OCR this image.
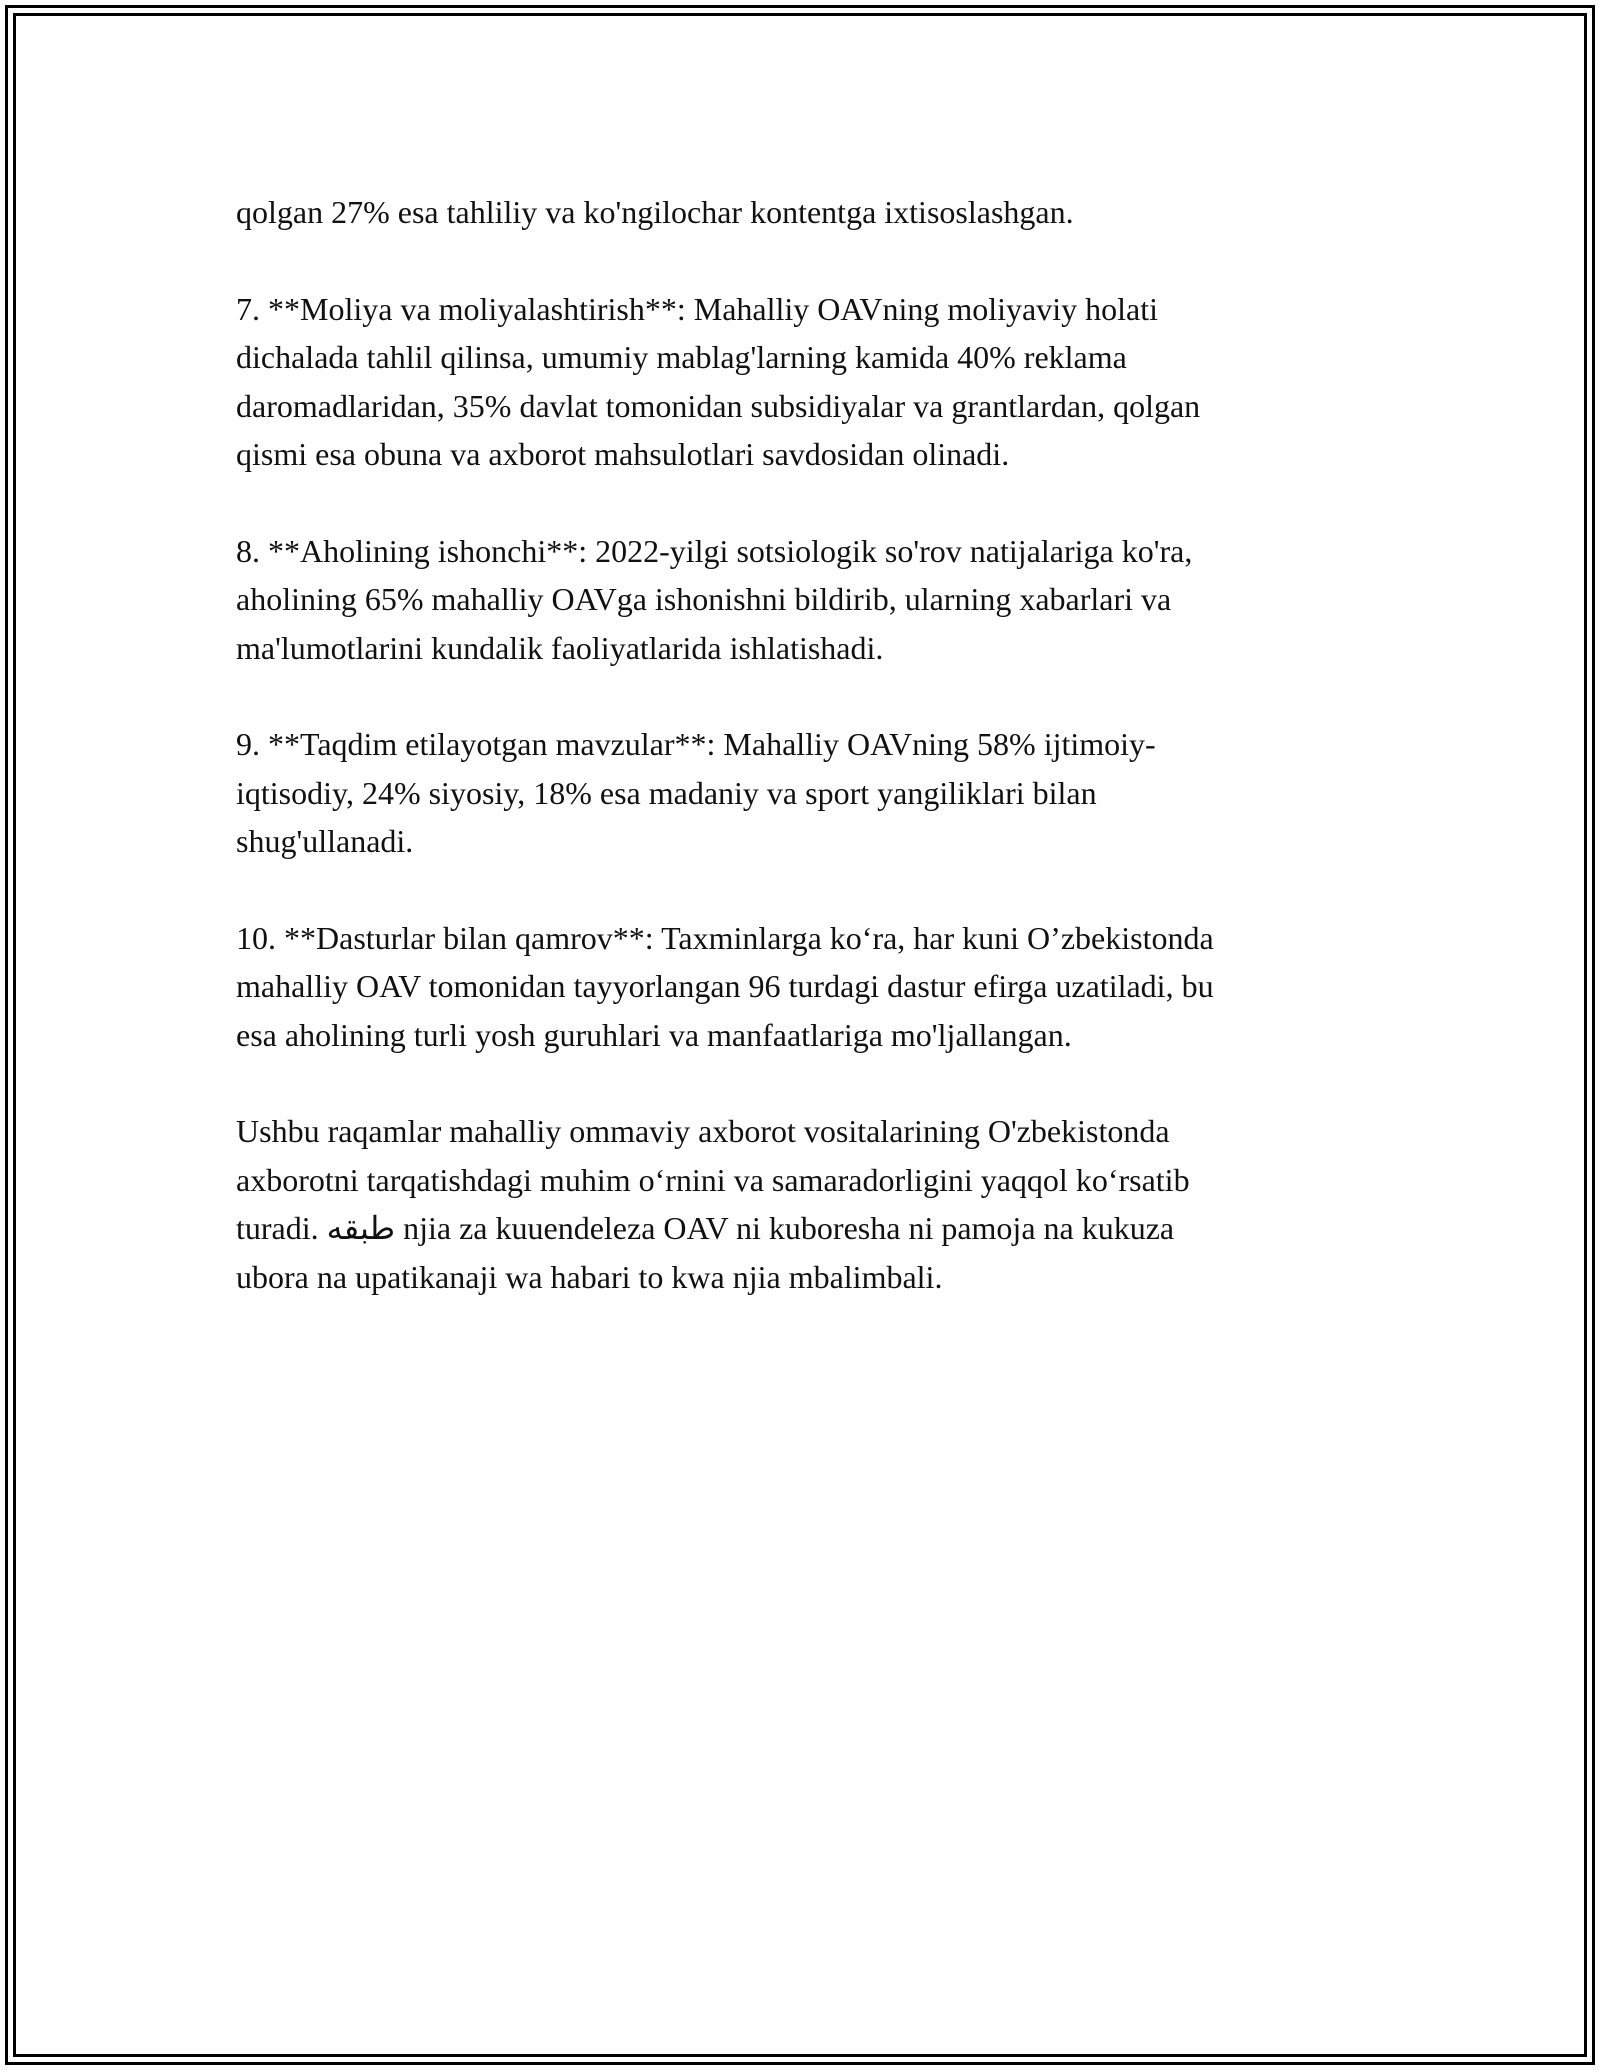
qolgan 27% esa tahliliy va ko'ngilochar kontentga ixtisoslashgan.

7. **Moliya va moliyalashtirish**: Mahalliy OAVning moliyaviy holati
dichalada tahlil qilinsa, umumiy mablag'larning kamida 40% reklama
daromadlaridan, 35% davlat tomonidan subsidiyalar va grantlardan, qolgan
qismi esa obuna va axborot mahsulotlari savdosidan olinadi.

8. **Aholining ishonchi**: 2022-yilgi sotsiologik so'rov natijalariga ko'ra,
aholining 65% mahalliy OAVga ishonishni bildirib, ularning xabarlari va
ma'lumotlarini kundalik faoliyatlarida ishlatishadi.

9. **Taqdim etilayotgan mavzular**: Mahalliy OAVning 58% ijtimoiy-
iqtisodiy, 24% siyosiy, 18% esa madaniy va sport yangiliklari bilan
shug'ullanadi.

10. **Dasturlar bilan qamrov**: Taxminlarga ko‘ra, har kuni O’zbekistonda
mahalliy OAV tomonidan tayyorlangan 96 turdagi dastur efirga uzatiladi, bu
esa aholining turli yosh guruhlari va manfaatlariga mo'ljallangan.

Ushbu raqamlar mahalliy ommaviy axborot vositalarining O'zbekistonda
axborotni tarqatishdagi muhim o‘rnini va samaradorligini yaqqol ko‘rsatib
turadi. طبقه njia za kuuendeleza OAV ni kuboresha ni pamoja na kukuza
ubora na upatikanaji wa habari to kwa njia mbalimbali.
